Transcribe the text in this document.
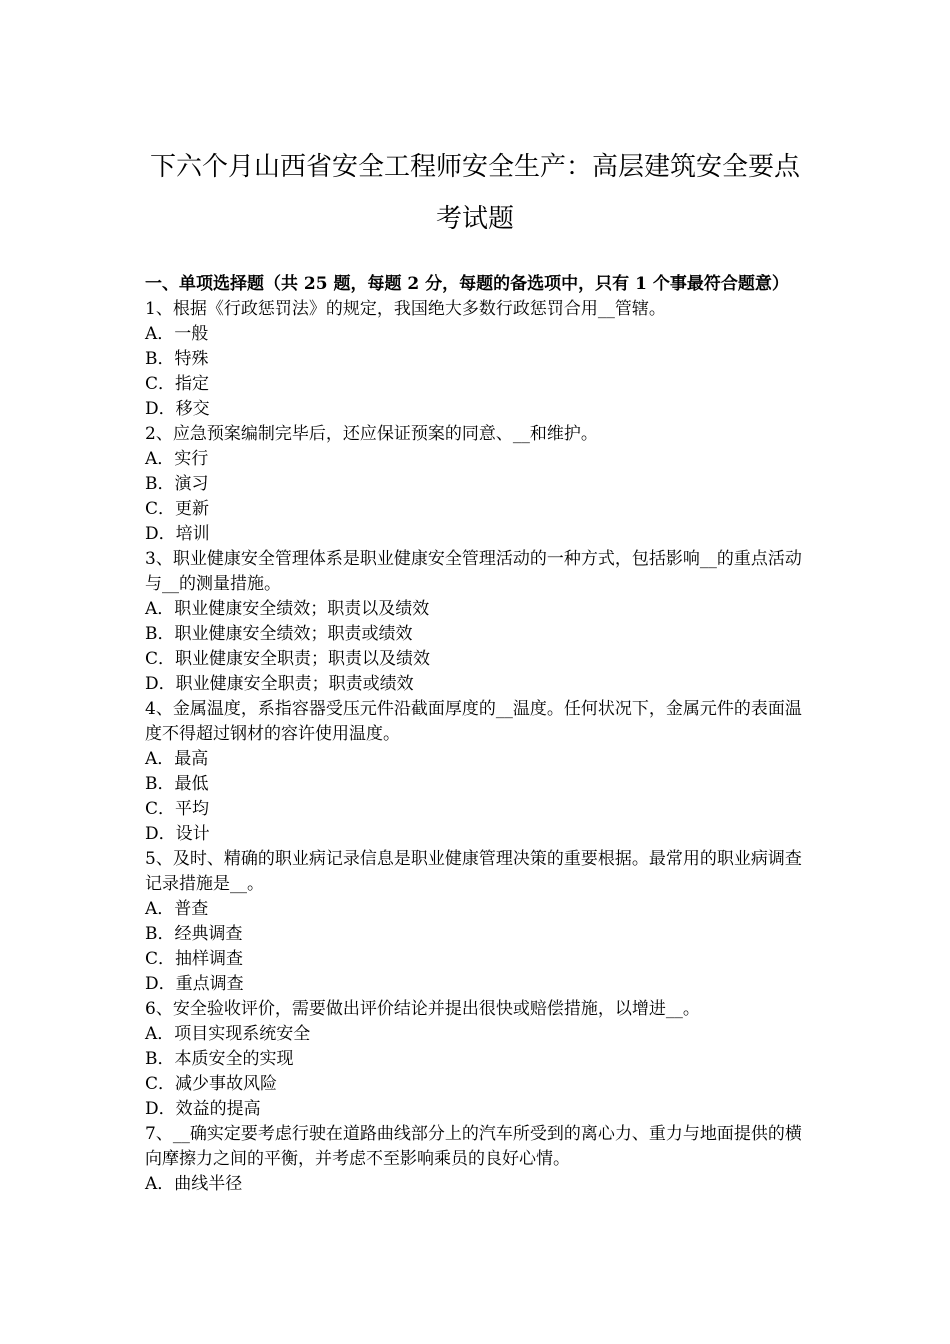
下六个月山西省安全工程师安全生产：高层建筑安全要点
考试题

一、单项选择题（共 25 题，每题 2 分，每题的备选项中，只有 1 个事最符合题意）

1、根据《行政惩罚法》的规定，我国绝大多数行政惩罚合用__管辖。

A．一般

B．特殊

C．指定

D．移交

2、应急预案编制完毕后，还应保证预案的同意、__和维护。

A．实行

B．演习

C．更新

D．培训

3、职业健康安全管理体系是职业健康安全管理活动的一种方式，包括影响__的重点活动与__的测量措施。

A．职业健康安全绩效；职责以及绩效

B．职业健康安全绩效；职责或绩效

C．职业健康安全职责；职责以及绩效

D．职业健康安全职责；职责或绩效

4、金属温度，系指容器受压元件沿截面厚度的__温度。任何状况下，金属元件的表面温度不得超过钢材的容许使用温度。

A．最高

B．最低

C．平均

D．设计

5、及时、精确的职业病记录信息是职业健康管理决策的重要根据。最常用的职业病调查记录措施是__。

A．普查

B．经典调查

C．抽样调查

D．重点调查

6、安全验收评价，需要做出评价结论并提出很快或赔偿措施，以增进__。

A．项目实现系统安全

B．本质安全的实现

C．减少事故风险

D．效益的提高

7、__确实定要考虑行驶在道路曲线部分上的汽车所受到的离心力、重力与地面提供的横向摩擦力之间的平衡，并考虑不至影响乘员的良好心情。

A．曲线半径
